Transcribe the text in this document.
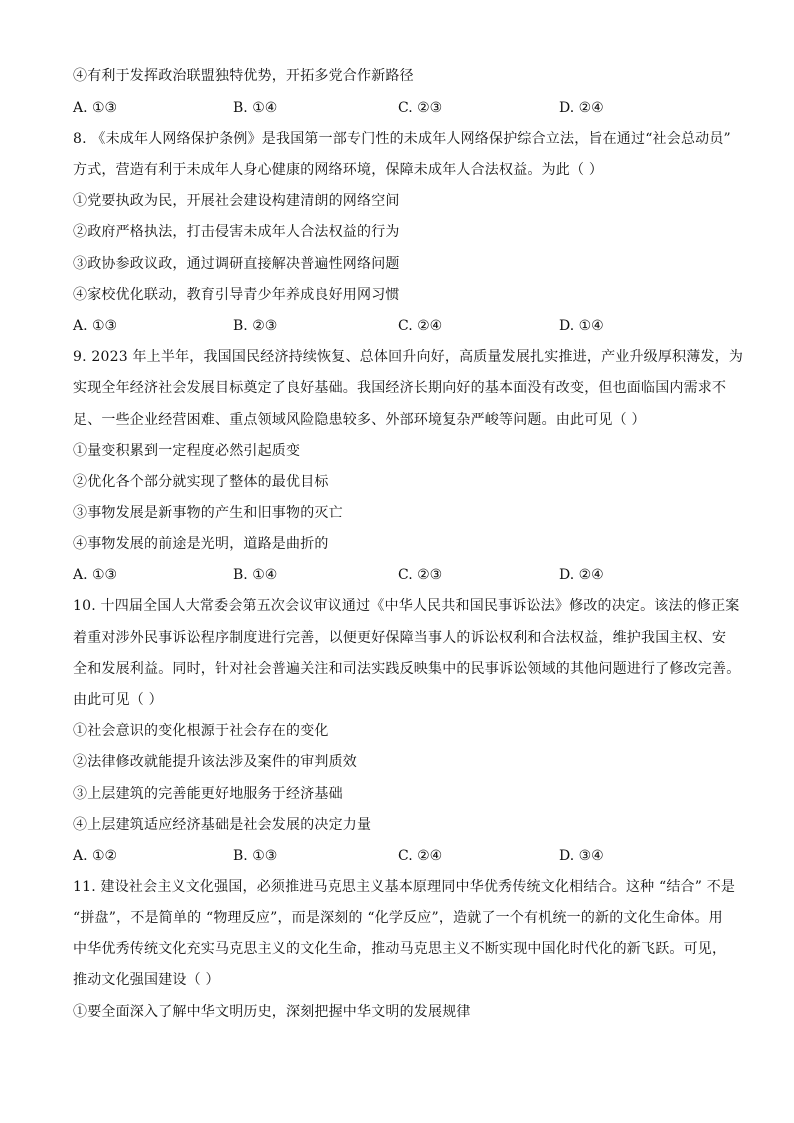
④有利于发挥政治联盟独特优势，开拓多党合作新路径
A. ①③	B. ①④	C. ②③	D. ②④
8. 《未成年人网络保护条例》是我国第一部专门性的未成年人网络保护综合立法，旨在通过“社会总动员”
方式，营造有利于未成年人身心健康的网络环境，保障未成年人合法权益。为此（ ）
①党要执政为民，开展社会建设构建清朗的网络空间
②政府严格执法，打击侵害未成年人合法权益的行为
③政协参政议政，通过调研直接解决普遍性网络问题
④家校优化联动，教育引导青少年养成良好用网习惯
A. ①③	B. ②③	C. ②④	D. ①④
9. 2023 年上半年，我国国民经济持续恢复、总体回升向好，高质量发展扎实推进，产业升级厚积薄发，为
实现全年经济社会发展目标奠定了良好基础。我国经济长期向好的基本面没有改变，但也面临国内需求不
足、一些企业经营困难、重点领域风险隐患较多、外部环境复杂严峻等问题。由此可见（ ）
①量变积累到一定程度必然引起质变
②优化各个部分就实现了整体的最优目标
③事物发展是新事物的产生和旧事物的灭亡
④事物发展的前途是光明，道路是曲折的
A. ①③	B. ①④	C. ②③	D. ②④
10. 十四届全国人大常委会第五次会议审议通过《中华人民共和国民事诉讼法》修改的决定。该法的修正案
着重对涉外民事诉讼程序制度进行完善，以便更好保障当事人的诉讼权利和合法权益，维护我国主权、安
全和发展利益。同时，针对社会普遍关注和司法实践反映集中的民事诉讼领域的其他问题进行了修改完善。
由此可见（ ）
①社会意识的变化根源于社会存在的变化
②法律修改就能提升该法涉及案件的审判质效
③上层建筑的完善能更好地服务于经济基础
④上层建筑适应经济基础是社会发展的决定力量
A. ①②	B. ①③	C. ②④	D. ③④
11. 建设社会主义文化强国，必须推进马克思主义基本原理同中华优秀传统文化相结合。这种 “结合” 不是
“拼盘”，不是简单的 “物理反应”，而是深刻的 “化学反应”，造就了一个有机统一的新的文化生命体。用
中华优秀传统文化充实马克思主义的文化生命，推动马克思主义不断实现中国化时代化的新飞跃。可见，
推动文化强国建设（ ）
①要全面深入了解中华文明历史，深刻把握中华文明的发展规律
